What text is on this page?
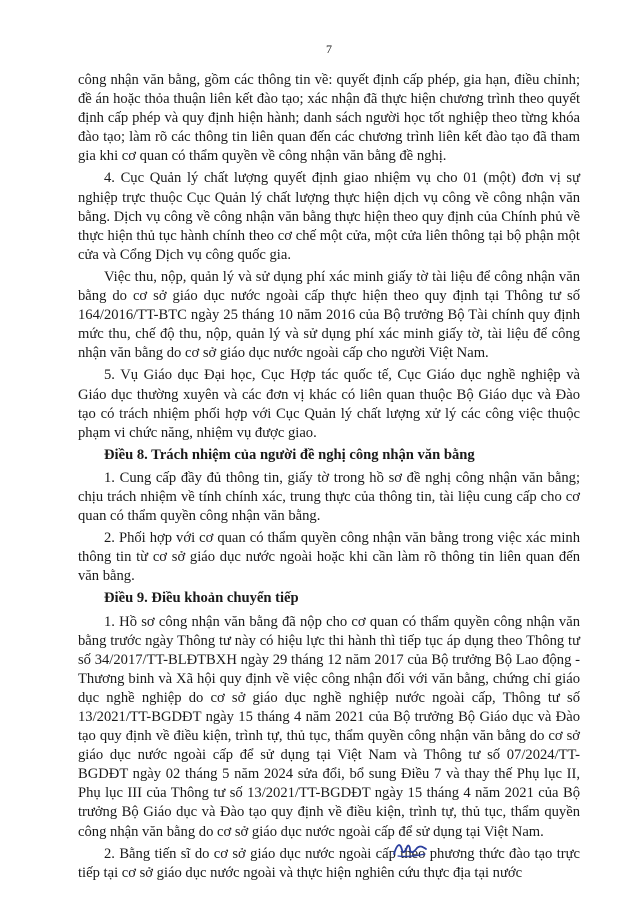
7
công nhận văn bằng, gồm các thông tin về: quyết định cấp phép, gia hạn, điều chỉnh; đề án hoặc thỏa thuận liên kết đào tạo; xác nhận đã thực hiện chương trình theo quyết định cấp phép và quy định hiện hành; danh sách người học tốt nghiệp theo từng khóa đào tạo; làm rõ các thông tin liên quan đến các chương trình liên kết đào tạo đã tham gia khi cơ quan có thẩm quyền về công nhận văn bằng đề nghị.
4. Cục Quản lý chất lượng quyết định giao nhiệm vụ cho 01 (một) đơn vị sự nghiệp trực thuộc Cục Quản lý chất lượng thực hiện dịch vụ công về công nhận văn bằng. Dịch vụ công về công nhận văn bằng thực hiện theo quy định của Chính phủ về thực hiện thủ tục hành chính theo cơ chế một cửa, một cửa liên thông tại bộ phận một cửa và Cổng Dịch vụ công quốc gia.
Việc thu, nộp, quản lý và sử dụng phí xác minh giấy tờ tài liệu để công nhận văn bằng do cơ sở giáo dục nước ngoài cấp thực hiện theo quy định tại Thông tư số 164/2016/TT-BTC ngày 25 tháng 10 năm 2016 của Bộ trưởng Bộ Tài chính quy định mức thu, chế độ thu, nộp, quản lý và sử dụng phí xác minh giấy tờ, tài liệu để công nhận văn bằng do cơ sở giáo dục nước ngoài cấp cho người Việt Nam.
5. Vụ Giáo dục Đại học, Cục Hợp tác quốc tế, Cục Giáo dục nghề nghiệp và Giáo dục thường xuyên và các đơn vị khác có liên quan thuộc Bộ Giáo dục và Đào tạo có trách nhiệm phối hợp với Cục Quản lý chất lượng xử lý các công việc thuộc phạm vi chức năng, nhiệm vụ được giao.
Điều 8. Trách nhiệm của người đề nghị công nhận văn bằng
1. Cung cấp đầy đủ thông tin, giấy tờ trong hồ sơ đề nghị công nhận văn bằng; chịu trách nhiệm về tính chính xác, trung thực của thông tin, tài liệu cung cấp cho cơ quan có thẩm quyền công nhận văn bằng.
2. Phối hợp với cơ quan có thẩm quyền công nhận văn bằng trong việc xác minh thông tin từ cơ sở giáo dục nước ngoài hoặc khi cần làm rõ thông tin liên quan đến văn bằng.
Điều 9. Điều khoản chuyển tiếp
1. Hồ sơ công nhận văn bằng đã nộp cho cơ quan có thẩm quyền công nhận văn bằng trước ngày Thông tư này có hiệu lực thi hành thì tiếp tục áp dụng theo Thông tư số 34/2017/TT-BLĐTBXH ngày 29 tháng 12 năm 2017 của Bộ trưởng Bộ Lao động - Thương binh và Xã hội quy định về việc công nhận đối với văn bằng, chứng chỉ giáo dục nghề nghiệp do cơ sở giáo dục nghề nghiệp nước ngoài cấp, Thông tư số 13/2021/TT-BGDĐT ngày 15 tháng 4 năm 2021 của Bộ trưởng Bộ Giáo dục và Đào tạo quy định về điều kiện, trình tự, thủ tục, thẩm quyền công nhận văn bằng do cơ sở giáo dục nước ngoài cấp để sử dụng tại Việt Nam và Thông tư số 07/2024/TT-BGDĐT ngày 02 tháng 5 năm 2024 sửa đổi, bổ sung Điều 7 và thay thế Phụ lục II, Phụ lục III của Thông tư số 13/2021/TT-BGDĐT ngày 15 tháng 4 năm 2021 của Bộ trưởng Bộ Giáo dục và Đào tạo quy định về điều kiện, trình tự, thủ tục, thẩm quyền công nhận văn bằng do cơ sở giáo dục nước ngoài cấp để sử dụng tại Việt Nam.
2. Bằng tiến sĩ do cơ sở giáo dục nước ngoài cấp theo phương thức đào tạo trực tiếp tại cơ sở giáo dục nước ngoài và thực hiện nghiên cứu thực địa tại nước
